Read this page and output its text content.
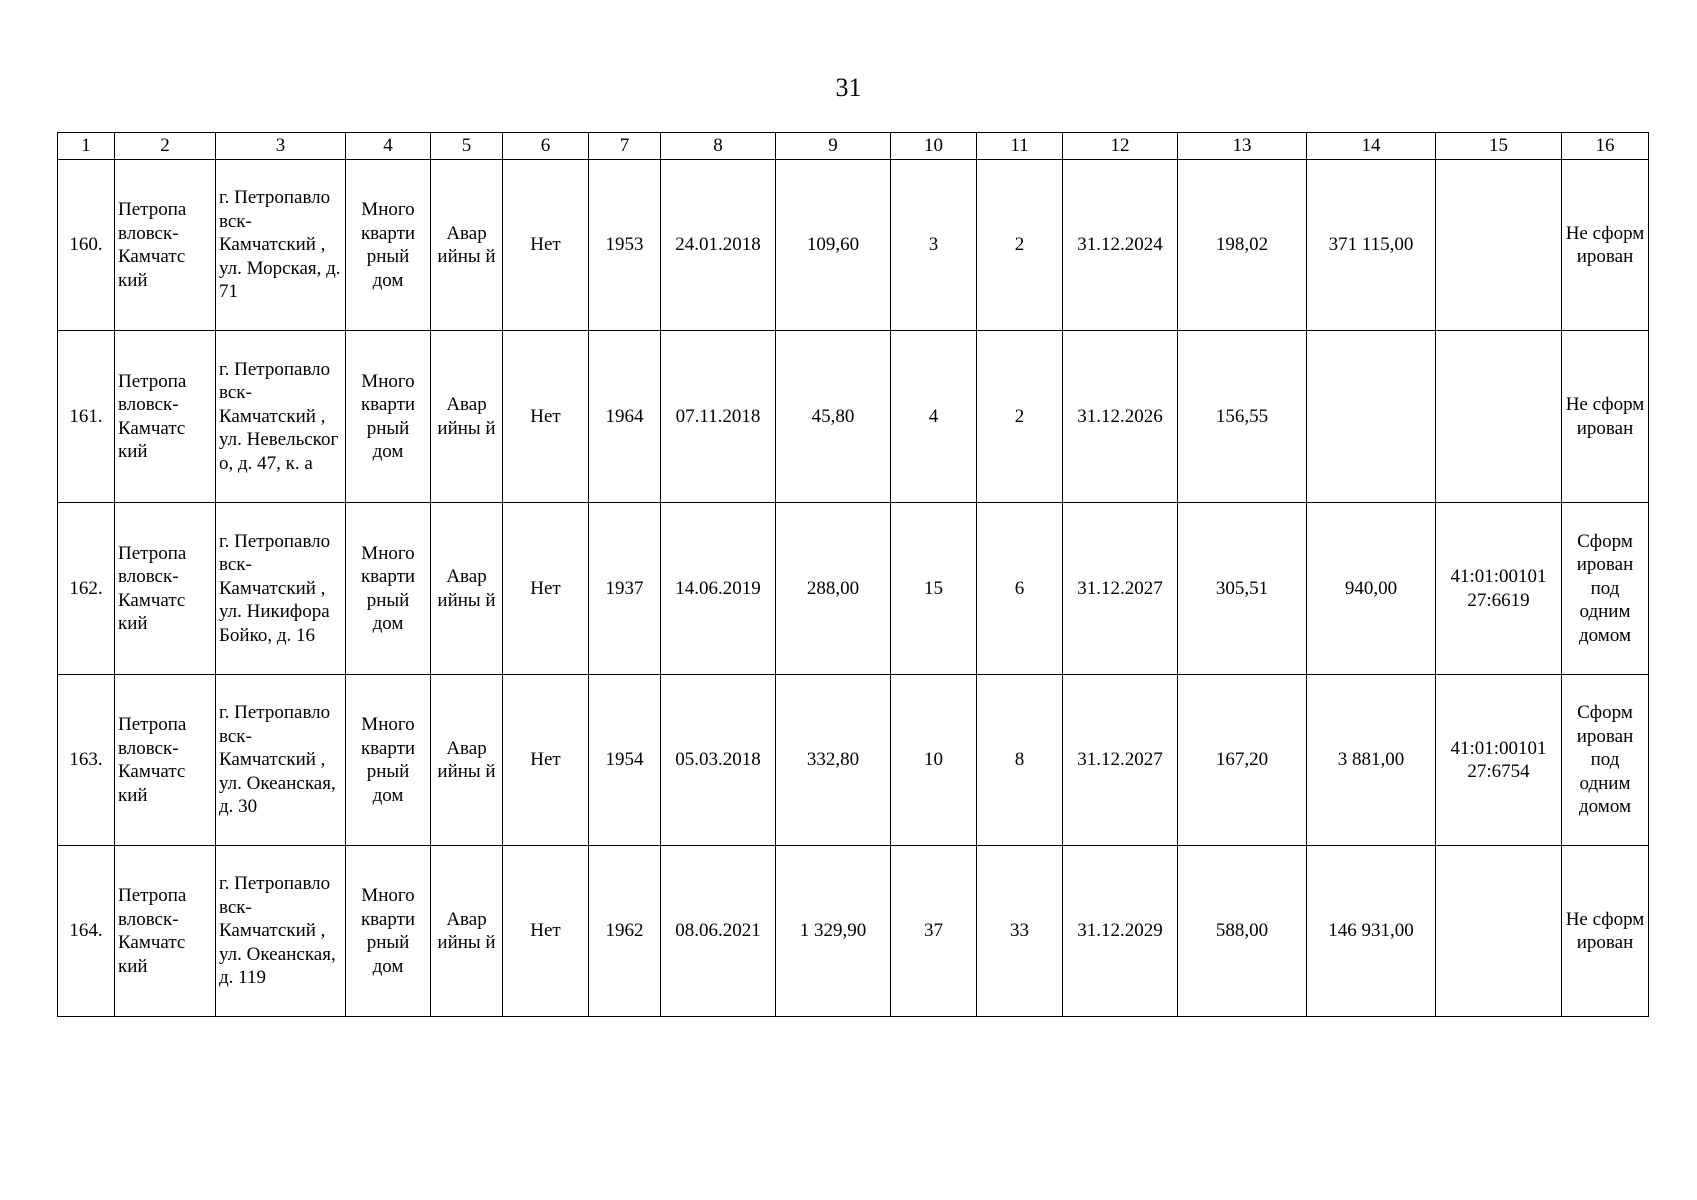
31
1	2	3	4	5	6	7	8	9	10	11	12	13	14	15	16
160.	Петропа вловск-Камчатс кий	г. Петропавло вск-Камчатский , ул. Морская, д. 71	Много кварти рный дом	Авар ийны й	Нет	1953	24.01.2018	109,60	3	2	31.12.2024	198,02	371 115,00		Не сформ ирован
161.	Петропа вловск-Камчатс кий	г. Петропавло вск-Камчатский , ул. Невельског о, д. 47, к. а	Много кварти рный дом	Авар ийны й	Нет	1964	07.11.2018	45,80	4	2	31.12.2026	156,55			Не сформ ирован
162.	Петропа вловск-Камчатс кий	г. Петропавло вск-Камчатский , ул. Никифора Бойко, д. 16	Много кварти рный дом	Авар ийны й	Нет	1937	14.06.2019	288,00	15	6	31.12.2027	305,51	940,00	41:01:00101 27:6619	Сформ ирован под одним домом
163.	Петропа вловск-Камчатс кий	г. Петропавло вск-Камчатский , ул. Океанская, д. 30	Много кварти рный дом	Авар ийны й	Нет	1954	05.03.2018	332,80	10	8	31.12.2027	167,20	3 881,00	41:01:00101 27:6754	Сформ ирован под одним домом
164.	Петропа вловск-Камчатс кий	г. Петропавло вск-Камчатский , ул. Океанская, д. 119	Много кварти рный дом	Авар ийны й	Нет	1962	08.06.2021	1 329,90	37	33	31.12.2029	588,00	146 931,00		Не сформ ирован
